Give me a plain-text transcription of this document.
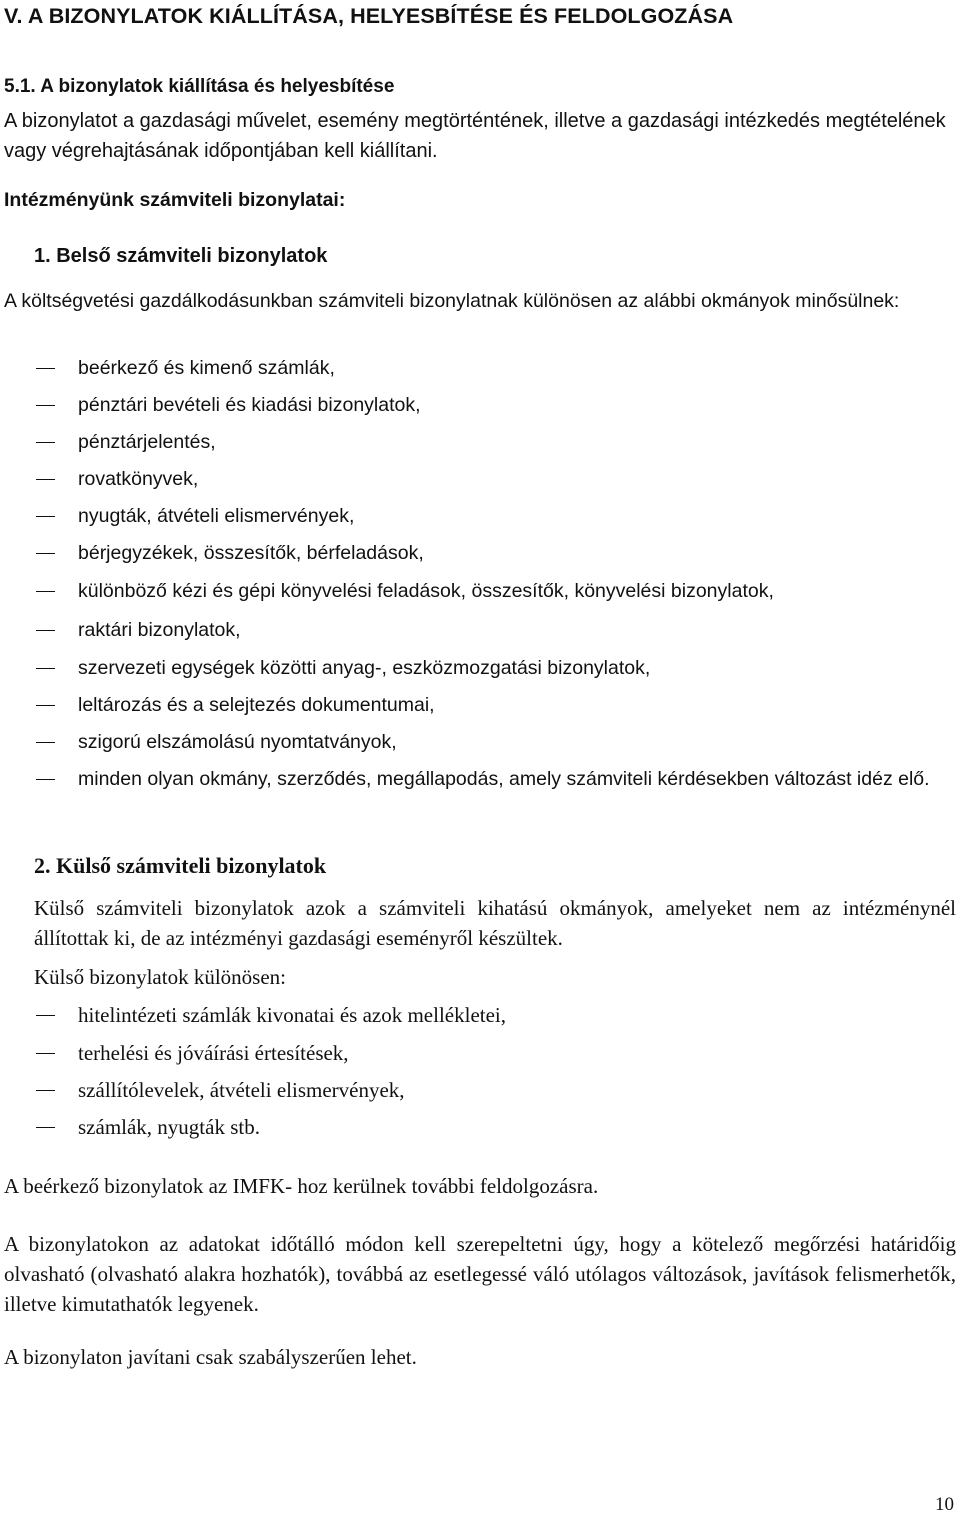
V. A BIZONYLATOK KIÁLLÍTÁSA, HELYESBÍTÉSE ÉS FELDOLGOZÁSA
5.1. A bizonylatok kiállítása és helyesbítése
A bizonylatot a gazdasági művelet, esemény megtörténtének, illetve a gazdasági intézkedés megtételének vagy végrehajtásának időpontjában kell kiállítani.
Intézményünk számviteli bizonylatai:
1. Belső számviteli bizonylatok
A költségvetési gazdálkodásunkban számviteli bizonylatnak különösen az alábbi okmányok minősülnek:
beérkező és kimenő számlák,
pénztári bevételi és kiadási bizonylatok,
pénztárjelentés,
rovatkönyvek,
nyugták, átvételi elismervények,
bérjegyzékek, összesítők, bérfeladások,
különböző kézi és gépi könyvelési feladások, összesítők, könyvelési bizonylatok,
raktári bizonylatok,
szervezeti egységek közötti anyag-, eszközmozgatási bizonylatok,
leltározás és a selejtezés dokumentumai,
szigorú elszámolású nyomtatványok,
minden olyan okmány, szerződés, megállapodás, amely számviteli kérdésekben változást idéz elő.
2. Külső számviteli bizonylatok
Külső számviteli bizonylatok azok a számviteli kihatású okmányok, amelyeket nem az intézménynél állítottak ki, de az intézményi gazdasági eseményről készültek.
Külső bizonylatok különösen:
hitelintézeti számlák kivonatai és azok mellékletei,
terhelési és jóváírási értesítések,
szállítólevelek, átvételi elismervények,
számlák, nyugták stb.
A beérkező bizonylatok az IMFK- hoz kerülnek további feldolgozásra.
A bizonylatokon az adatokat időtálló módon kell szerepeltetni úgy, hogy a kötelező megőrzési határidőig olvasható (olvasható alakra hozhatók), továbbá az esetlegessé váló utólagos változások, javítások felismerhetők, illetve kimutathatók legyenek.
A bizonylaton javítani csak szabályszerűen lehet.
10
